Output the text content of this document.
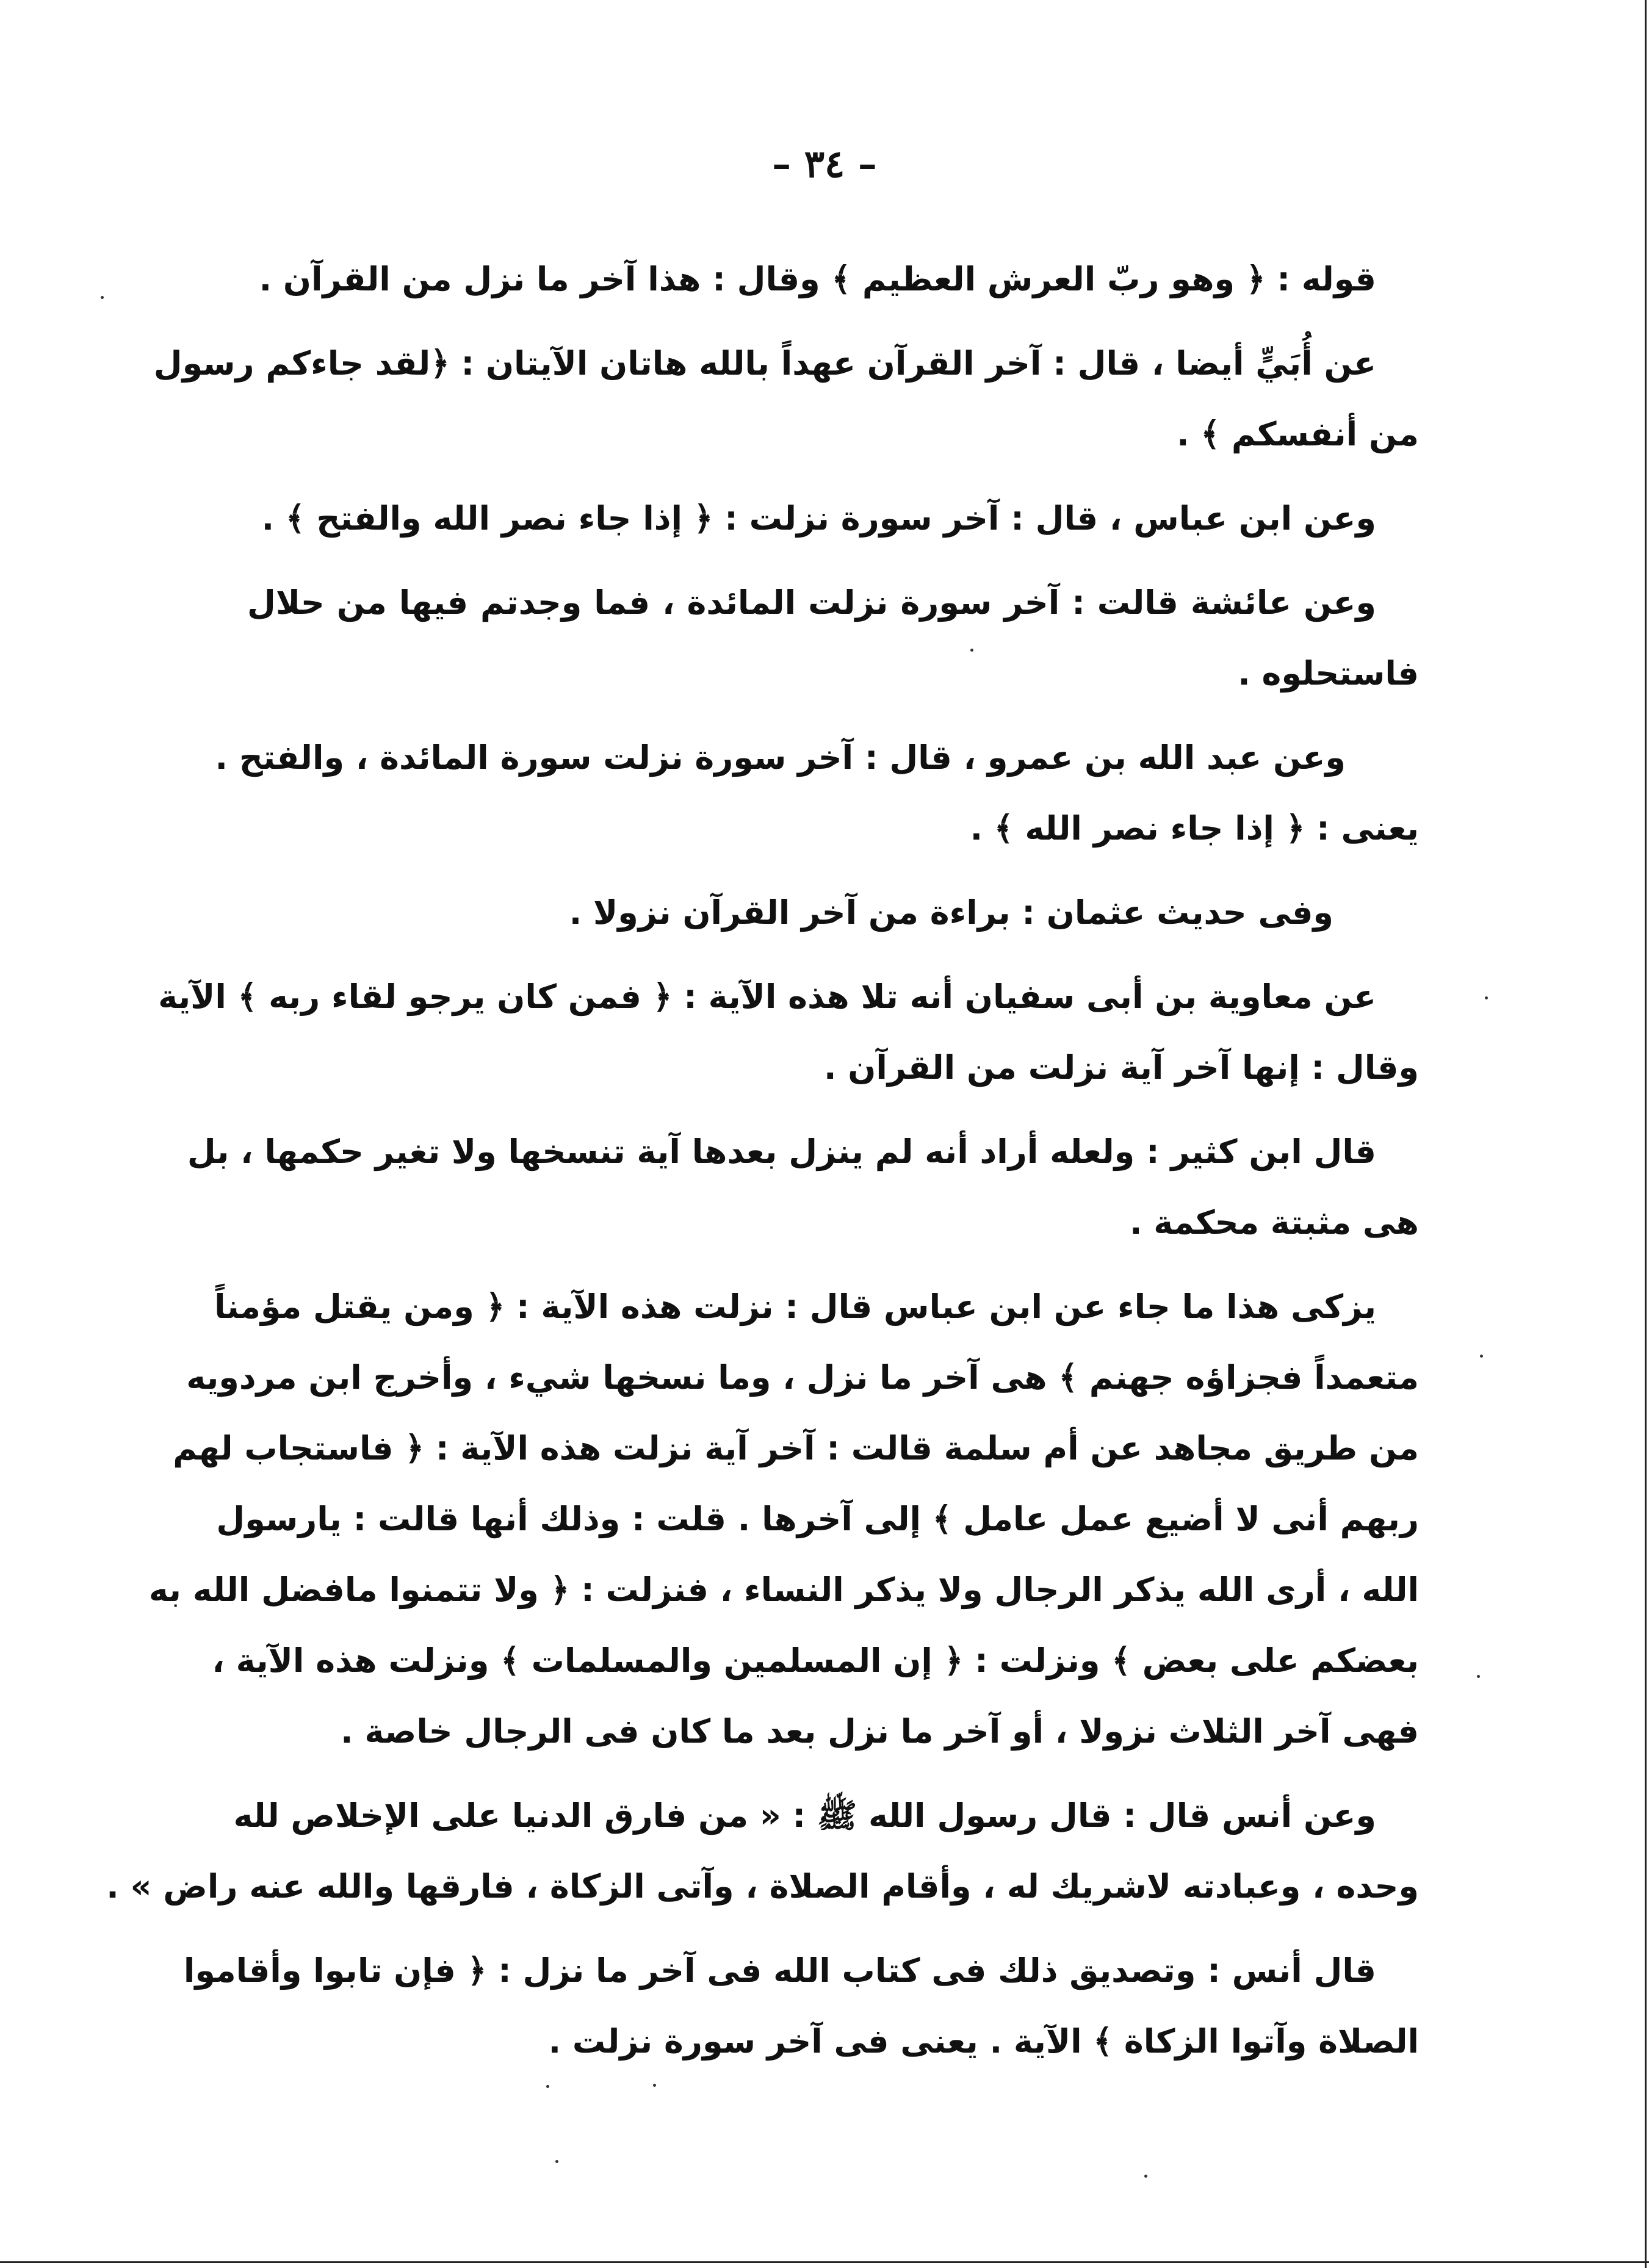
– ٣٤ –

قوله : ﴿ وهو ربّ العرش العظيم ﴾ وقال : هذا آخر ما نزل من القرآن .

عن أُبَيٍّ أيضا ، قال : آخر القرآن عهداً بالله هاتان الآيتان : ﴿لقد جاءكم رسول
من أنفسكم ﴾ .

وعن ابن عباس ، قال : آخر سورة نزلت : ﴿ إذا جاء نصر الله والفتح ﴾ .

وعن عائشة قالت : آخر سورة نزلت المائدة ، فما وجدتم فيها من حلال
فاستحلوه .

وعن عبد الله بن عمرو ، قال : آخر سورة نزلت سورة المائدة ، والفتح .
يعنى : ﴿ إذا جاء نصر الله ﴾ .

وفى حديث عثمان : براءة من آخر القرآن نزولا .

عن معاوية بن أبى سفيان أنه تلا هذه الآية : ﴿ فمن كان يرجو لقاء ربه ﴾ الآية
وقال : إنها آخر آية نزلت من القرآن .

قال ابن كثير : ولعله أراد أنه لم ينزل بعدها آية تنسخها ولا تغير حكمها ، بل
هى مثبتة محكمة .

يزكى هذا ما جاء عن ابن عباس قال : نزلت هذه الآية : ﴿ ومن يقتل مؤمناً
متعمداً فجزاؤه جهنم ﴾ هى آخر ما نزل ، وما نسخها شيء ، وأخرج ابن مردويه
من طريق مجاهد عن أم سلمة قالت : آخر آية نزلت هذه الآية : ﴿ فاستجاب لهم
ربهم أنى لا أضيع عمل عامل ﴾ إلى آخرها . قلت : وذلك أنها قالت : يارسول
الله ، أرى الله يذكر الرجال ولا يذكر النساء ، فنزلت : ﴿ ولا تتمنوا مافضل الله به
بعضكم على بعض ﴾ ونزلت : ﴿ إن المسلمين والمسلمات ﴾ ونزلت هذه الآية ،
فهى آخر الثلاث نزولا ، أو آخر ما نزل بعد ما كان فى الرجال خاصة .

وعن أنس قال : قال رسول الله ﷺ : « من فارق الدنيا على الإخلاص لله
وحده ، وعبادته لاشريك له ، وأقام الصلاة ، وآتى الزكاة ، فارقها والله عنه راض » .

قال أنس : وتصديق ذلك فى كتاب الله فى آخر ما نزل : ﴿ فإن تابوا وأقاموا
الصلاة وآتوا الزكاة ﴾ الآية . يعنى فى آخر سورة نزلت .
